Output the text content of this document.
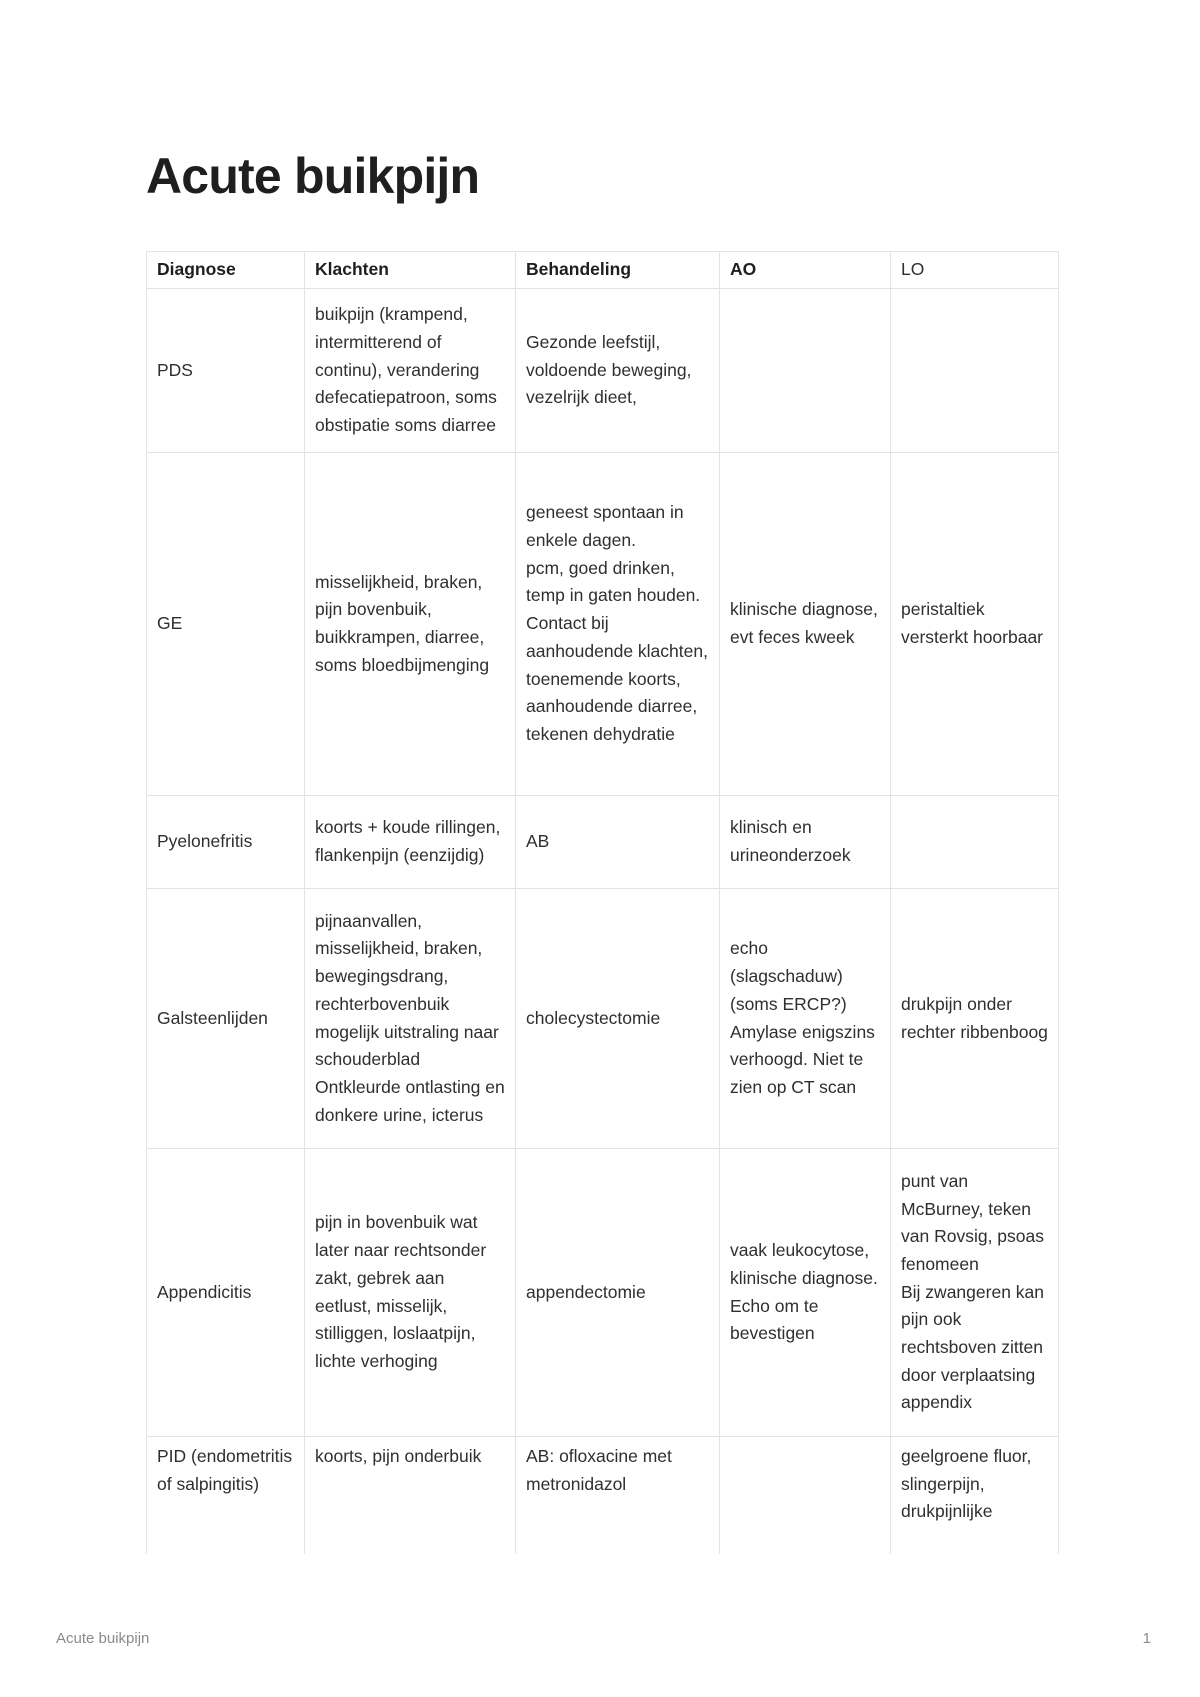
Acute buikpijn
Diagnose	Klachten	Behandeling	AO	LO

PDS	buikpijn (krampend, intermitterend of continu), verandering defecatiepatroon, soms obstipatie soms diarree	Gezonde leefstijl, voldoende beweging, vezelrijk dieet,		

GE	misselijkheid, braken, pijn bovenbuik, buikkrampen, diarree, soms bloedbijmenging	geneest spontaan in enkele dagen.
pcm, goed drinken, temp in gaten houden. Contact bij aanhoudende klachten, toenemende koorts, aanhoudende diarree, tekenen dehydratie	klinische diagnose, evt feces kweek	peristaltiek versterkt hoorbaar

Pyelonefritis	koorts + koude rillingen, flankenpijn (eenzijdig)	AB	klinisch en urineonderzoek	

Galsteenlijden	pijnaanvallen, misselijkheid, braken, bewegingsdrang, rechterbovenbuik mogelijk uitstraling naar schouderblad
Ontkleurde ontlasting en donkere urine, icterus	cholecystectomie	echo (slagschaduw) (soms ERCP?)
Amylase enigszins verhoogd. Niet te zien op CT scan	drukpijn onder rechter ribbenboog

Appendicitis	pijn in bovenbuik wat later naar rechtsonder zakt, gebrek aan eetlust, misselijk, stilliggen, loslaatpijn, lichte verhoging	appendectomie	vaak leukocytose, klinische diagnose. Echo om te bevestigen	punt van McBurney, teken van Rovsig, psoas fenomeen
Bij zwangeren kan pijn ook rechtsboven zitten door verplaatsing appendix

PID (endometritis of salpingitis)	koorts, pijn onderbuik	AB: ofloxacine met metronidazol		geelgroene fluor, slingerpijn, drukpijnlijke
Acute buikpijn	1
